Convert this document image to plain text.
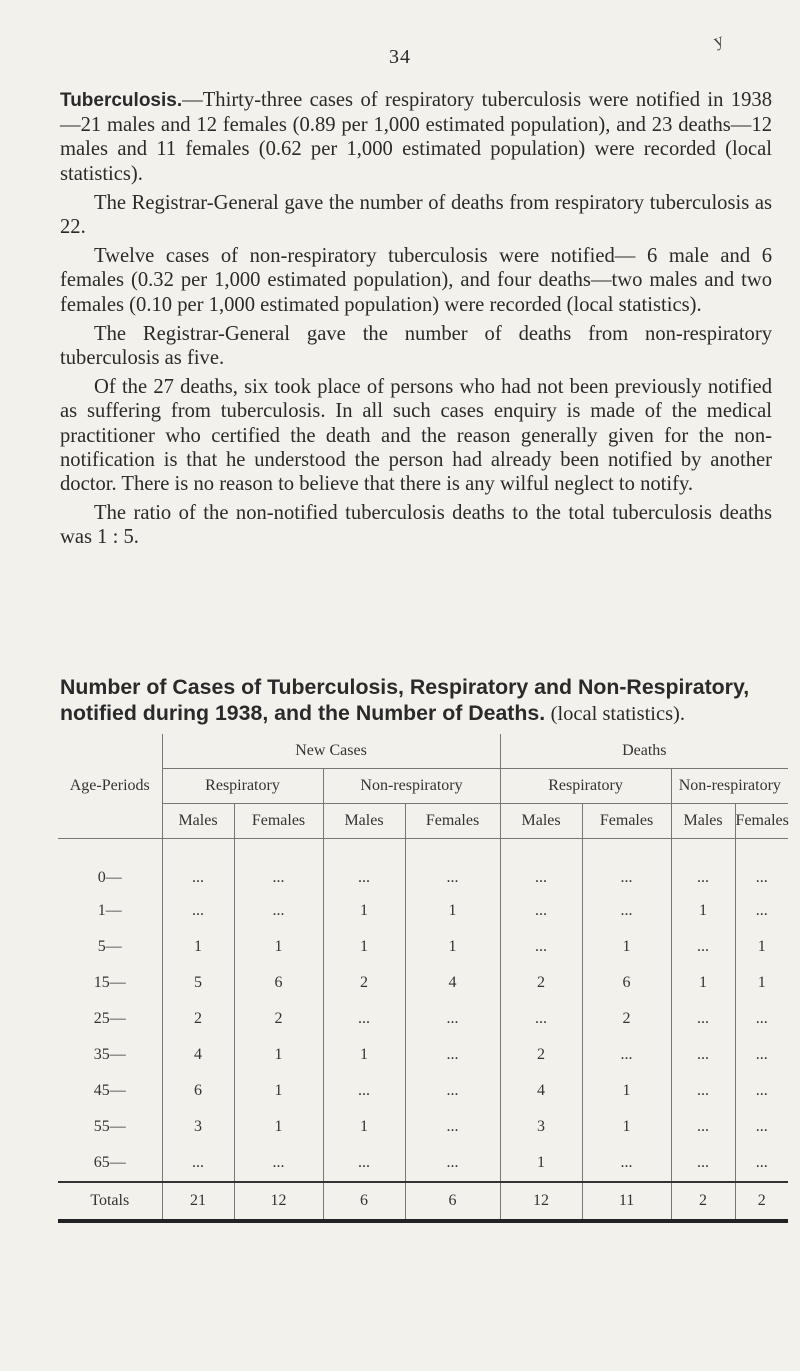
y
34

Tuberculosis.—Thirty-three cases of respiratory tuberculosis were notified in 1938—21 males and 12 females (0.89 per 1,000 estimated population), and 23 deaths—12 males and 11 females (0.62 per 1,000 estimated population) were recorded (local statistics).

The Registrar-General gave the number of deaths from respiratory tuberculosis as 22.

Twelve cases of non-respiratory tuberculosis were notified— 6 male and 6 females (0.32 per 1,000 estimated population), and four deaths—two males and two females (0.10 per 1,000 estimated population) were recorded (local statistics).

The Registrar-General gave the number of deaths from non-respiratory tuberculosis as five.

Of the 27 deaths, six took place of persons who had not been previously notified as suffering from tuberculosis. In all such cases enquiry is made of the medical practitioner who certified the death and the reason generally given for the non-notification is that he understood the person had already been notified by another doctor. There is no reason to believe that there is any wilful neglect to notify.

The ratio of the non-notified tuberculosis deaths to the total tuberculosis deaths was 1 : 5.

Number of Cases of Tuberculosis, Respiratory and Non-Respiratory, notified during 1938, and the Number of Deaths. (local statistics).
Age-Periods	New Cases				Deaths			
	Respiratory		Non-respiratory		Respiratory		Non-respiratory	
	Males	Females	Males	Females	Males	Females	Males	Females
0—	...	...	...	...	...	...	...	...
1—	...	...	1	1	...	...	1	...
5—	1	1	1	1	...	1	...	1
15—	5	6	2	4	2	6	1	1
25—	2	2	...	...	...	2	...	...
35—	4	1	1	...	2	...	...	...
45—	6	1	...	...	4	1	...	...
55—	3	1	1	...	3	1	...	...
65—	...	...	...	...	1	...	...	...
Totals	21	12	6	6	12	11	2	2
